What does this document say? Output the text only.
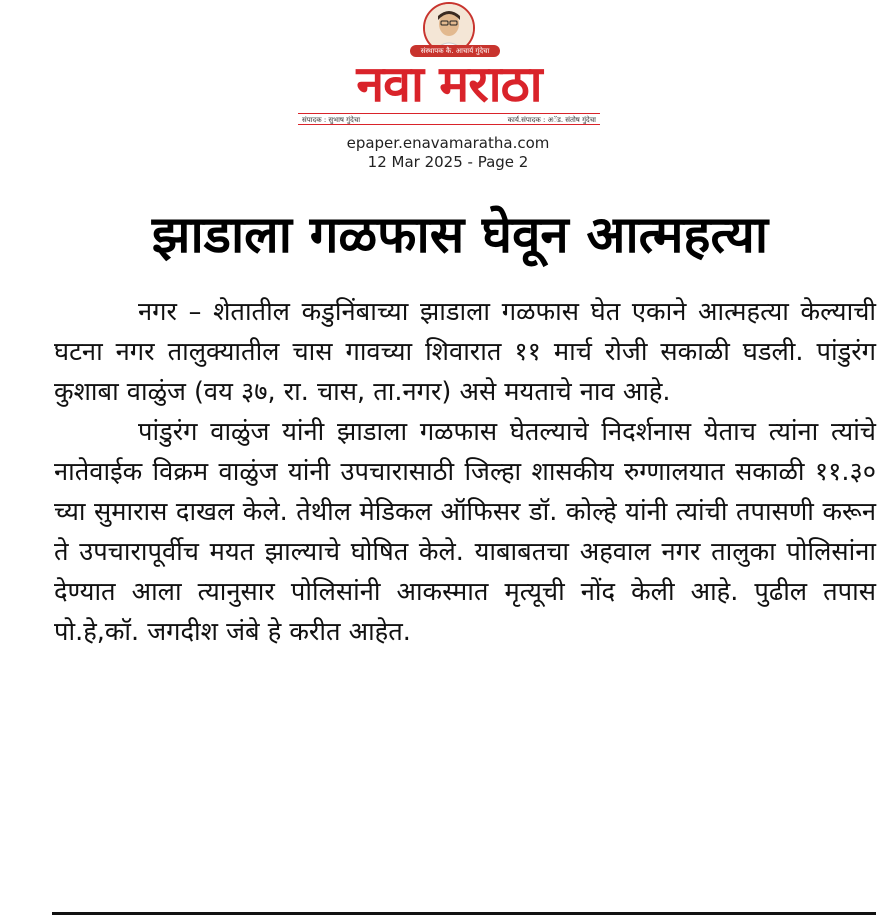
संस्थापक कै. आचार्य गुंदेचा
नवा मराठा
संपादक : सुभाष गुंदेचा	कार्य.संपादक : अॅड. संतोष गुंदेचा
epaper.enavamaratha.com
12 Mar 2025 - Page 2
झाडाला गळफास घेवून आत्महत्या

नगर – शेतातील कडुनिंबाच्या झाडाला गळफास घेत एकाने आत्महत्या केल्याची घटना नगर तालुक्यातील चास गावच्या शिवारात ११ मार्च रोजी सकाळी घडली. पांडुरंग कुशाबा वाळुंज (वय ३७, रा. चास, ता.नगर) असे मयताचे नाव आहे.

पांडुरंग वाळुंज यांनी झाडाला गळफास घेतल्याचे निदर्शनास येताच त्यांना त्यांचे नातेवाईक विक्रम वाळुंज यांनी उपचारासाठी जिल्हा शासकीय रुग्णालयात सकाळी ११.३० च्या सुमारास दाखल केले. तेथील मेडिकल ऑफिसर डॉ. कोल्हे यांनी त्यांची तपासणी करून ते उपचारापूर्वीच मयत झाल्याचे घोषित केले. याबाबतचा अहवाल नगर तालुका पोलिसांना देण्यात आला त्यानुसार पोलिसांनी आकस्मात मृत्यूची नोंद केली आहे. पुढील तपास पो.हे,कॉ. जगदीश जंबे हे करीत आहेत.
